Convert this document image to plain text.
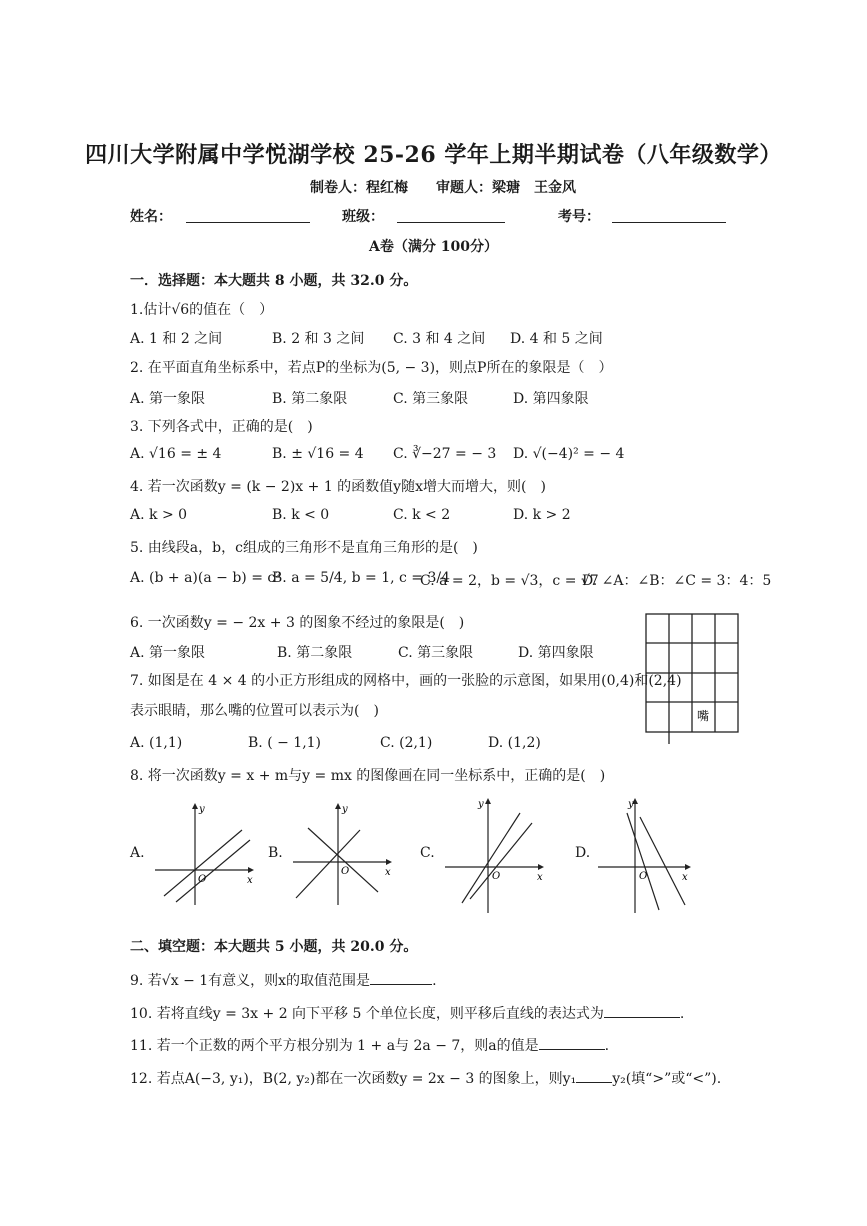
四川大学附属中学悦湖学校 25-26 学年上期半期试卷（八年级数学）
制卷人：程红梅　　审题人：梁瑭　王金风
姓名：	班级：	考号：
A卷（满分 100分）
一．选择题：本大题共 8 小题，共 32.0 分。
1.估计√6的值在（　）
A. 1 和 2 之间	B. 2 和 3 之间 C. 3 和 4 之间 D. 4 和 5 之间
2. 在平面直角坐标系中，若点P的坐标为(5, − 3)，则点P所在的象限是（　）
A. 第一象限	B. 第二象限	C. 第三象限	D. 第四象限
3. 下列各式中，正确的是(　)
A. √16 = ± 4	B. ± √16 = 4 C. ∛−27 = − 3 D. √(−4)² = − 4
4. 若一次函数y = (k − 2)x + 1 的函数值y随x增大而增大，则(　)
A. k > 0	B. k < 0	C. k < 2	D. k > 2
5. 由线段a，b，c组成的三角形不是直角三角形的是(　)
A. (b + a)(a − b) = c²
B. a = 5/4, b = 1, c = 3/4
C. a = 2，b = √3，c = √7
D. ∠A：∠B：∠C = 3：4：5
6. 一次函数y = − 2x + 3 的图象不经过的象限是(　)
A. 第一象限	B. 第二象限	C. 第三象限	D. 第四象限
嘴
7. 如图是在 4 × 4 的小正方形组成的网格中，画的一张脸的示意图，如果用(0,4)和(2,4)
表示眼睛，那么嘴的位置可以表示为(　)
A. (1,1)	B. ( − 1,1)	C. (2,1)	D. (1,2)
8. 将一次函数y = x + m与y = mx 的图像画在同一坐标系中，正确的是(　)
A.
y
x
O
B.
y
x
O
C.
y
x
O
D.
y
x
O
二、填空题：本大题共 5 小题，共 20.0 分。
9. 若√x − 1有意义，则x的取值范围是	.
10. 若将直线y = 3x + 2 向下平移 5 个单位长度，则平移后直线的表达式为	.
11. 若一个正数的两个平方根分别为 1 + a与 2a − 7，则a的值是	.
12. 若点A(−3, y₁)，B(2, y₂)都在一次函数y = 2x − 3 的图象上，则y₁	y₂(填“>”或“<”).
